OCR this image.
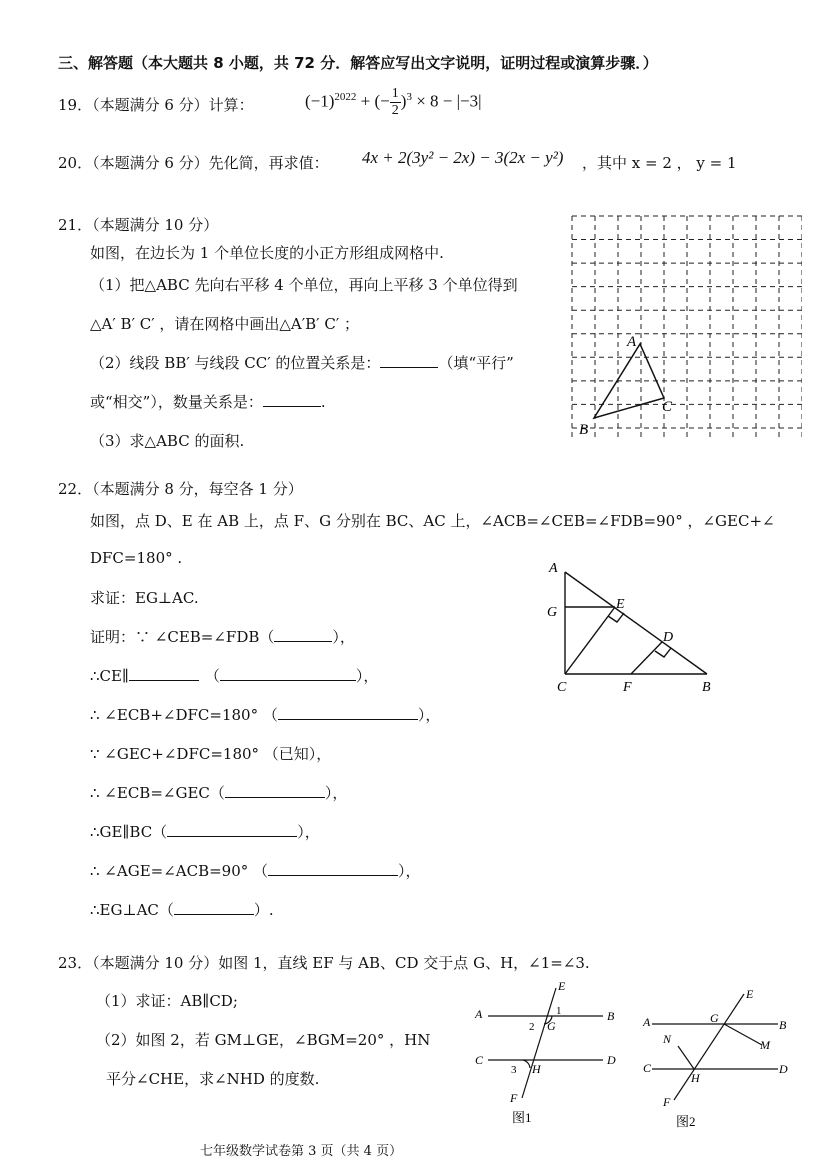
三、解答题（本大题共 8 小题，共 72 分．解答应写出文字说明，证明过程或演算步骤．）
19．（本题满分 6 分）计算：	$(-1)^{2022}$ + (− $\frac{1}{2} )^3 \times 8 - |-3|$
20．（本题满分 6 分）先化简，再求值： 4x + 2(3y² − 2x) − 3(2x − y²) ，其中 x = 2 ， y = 1
21．（本题满分 10 分）
如图，在边长为 1 个单位长度的小正方形组成网格中.
（1）把△ABC 先向右平移 4 个单位，再向上平移 3 个单位得到
△A′ B′ C′ ，请在网格中画出△A′B′ C′ ；
（2）线段 BB′ 与线段 CC′ 的位置关系是：	（填“平行”
或“相交”），数量关系是：	.
（3）求△ABC 的面积.
A
B
C
22．（本题满分 8 分，每空各 1 分）
如图，点 D、E 在 AB 上，点 F、G 分别在 BC、AC 上，∠ACB=∠CEB=∠FDB=90° ，∠GEC+∠
DFC=180° .
求证：EG⊥AC.
证明：∵ ∠CEB=∠FDB（	），
∴CE∥	（	），
∴ ∠ECB+∠DFC=180° （	），
∵ ∠GEC+∠DFC=180° （已知），
∴ ∠ECB=∠GEC（	），
∴GE∥BC（	），
∴ ∠AGE=∠ACB=90° （	），
∴EG⊥AC（	）.
A
G
E
D
C	F	B
23．（本题满分 10 分）如图 1，直线 EF 与 AB、CD 交于点 G、H，∠1=∠3.
（1）求证：AB∥CD;
（2）如图 2，若 GM⊥GE，∠BGM=20° ，HN
平分∠CHE，求∠NHD 的度数.
E
A	B
1
2 G
C	D
3 H
F
图1
E
A	G	B
N	M
C
H
D
F
图2
七年级数学试卷第 3 页（共 4 页）
